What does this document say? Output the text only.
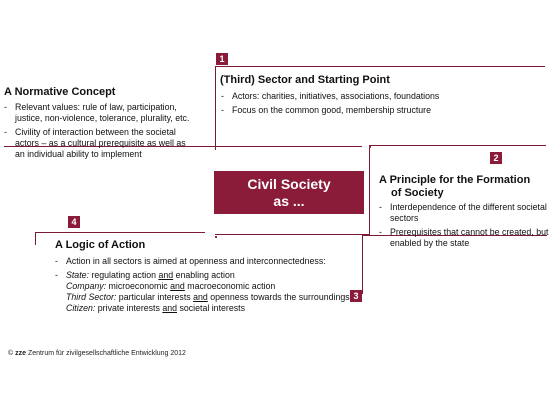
1
2
3
4
Civil Society
as ...
(Third) Sector and Starting Point
- Actors: charities, initiatives, associations, foundations
- Focus on the common good, membership structure
A Normative Concept
- Relevant values: rule of law, participation, justice, non-violence, tolerance, plurality, etc.
- Civility of interaction between the societal actors – as a cultural prerequisite as well as an individual ability to implement
A Principle for the Formation
of Society
- Interdependence of the different societal sectors
- Prerequisites that cannot be created, but enabled by the state
A Logic of Action
- Action in all sectors is aimed at openness and interconnectedness:
- State: regulating action and enabling action
Company: microeconomic and macroeconomic action
Third Sector: particular interests and openness towards the surroundings
Citizen: private interests and societal interests
© zze Zentrum für zivilgesellschaftliche Entwicklung 2012
